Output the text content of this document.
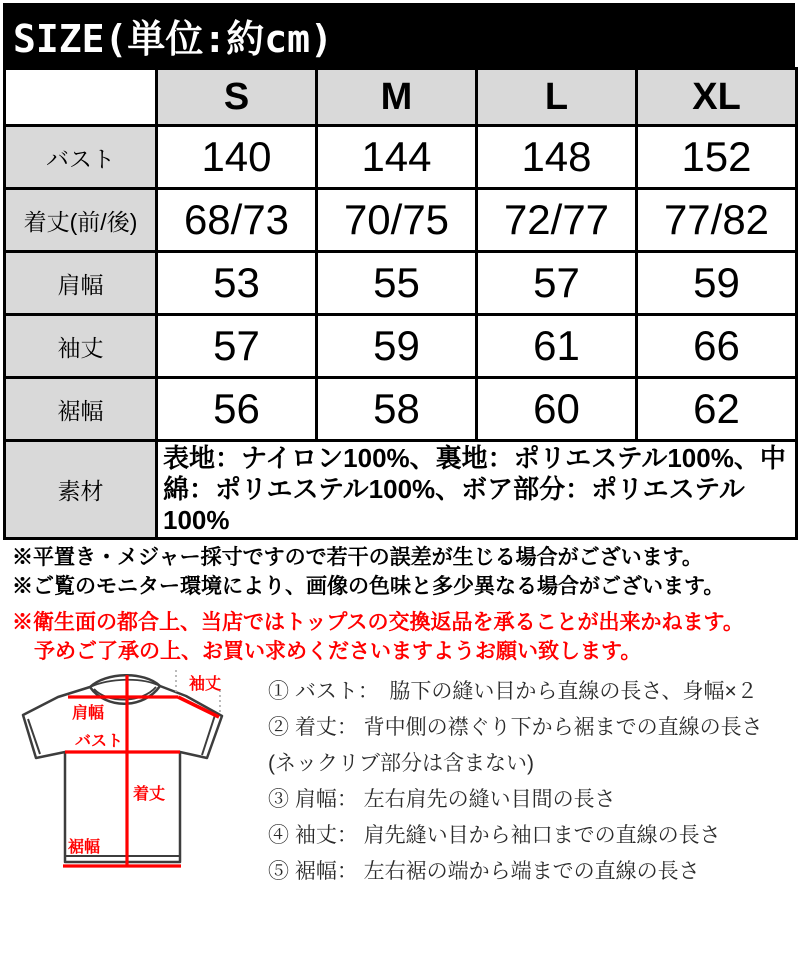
SIZE(単位:約cm)
	S	M	L	XL
バスト	140	144	148	152
着丈(前/後)	68/73	70/75	72/77	77/82
肩幅	53	55	57	59
袖丈	57	59	61	66
裾幅	56	58	60	62
素材	表地：ナイロン100%、裏地：ポリエステル100%、中綿：ポリエステル100%、ボア部分：ポリエステル100%			
※平置き・メジャー採寸ですので若干の誤差が生じる場合がございます。
※ご覧のモニター環境により、画像の色味と多少異なる場合がございます。
※衛生面の都合上、当店ではトップスの交換返品を承ることが出来かねます。
予めご了承の上、お買い求めくださいますようお願い致します。
肩幅
袖丈
バスト
着丈
裾幅
① バスト：　脇下の縫い目から直線の長さ、身幅×２
② 着丈： 背中側の襟ぐり下から裾までの直線の長さ
(ネックリブ部分は含まない)
③ 肩幅： 左右肩先の縫い目間の長さ
④ 袖丈： 肩先縫い目から袖口までの直線の長さ
⑤ 裾幅： 左右裾の端から端までの直線の長さ
